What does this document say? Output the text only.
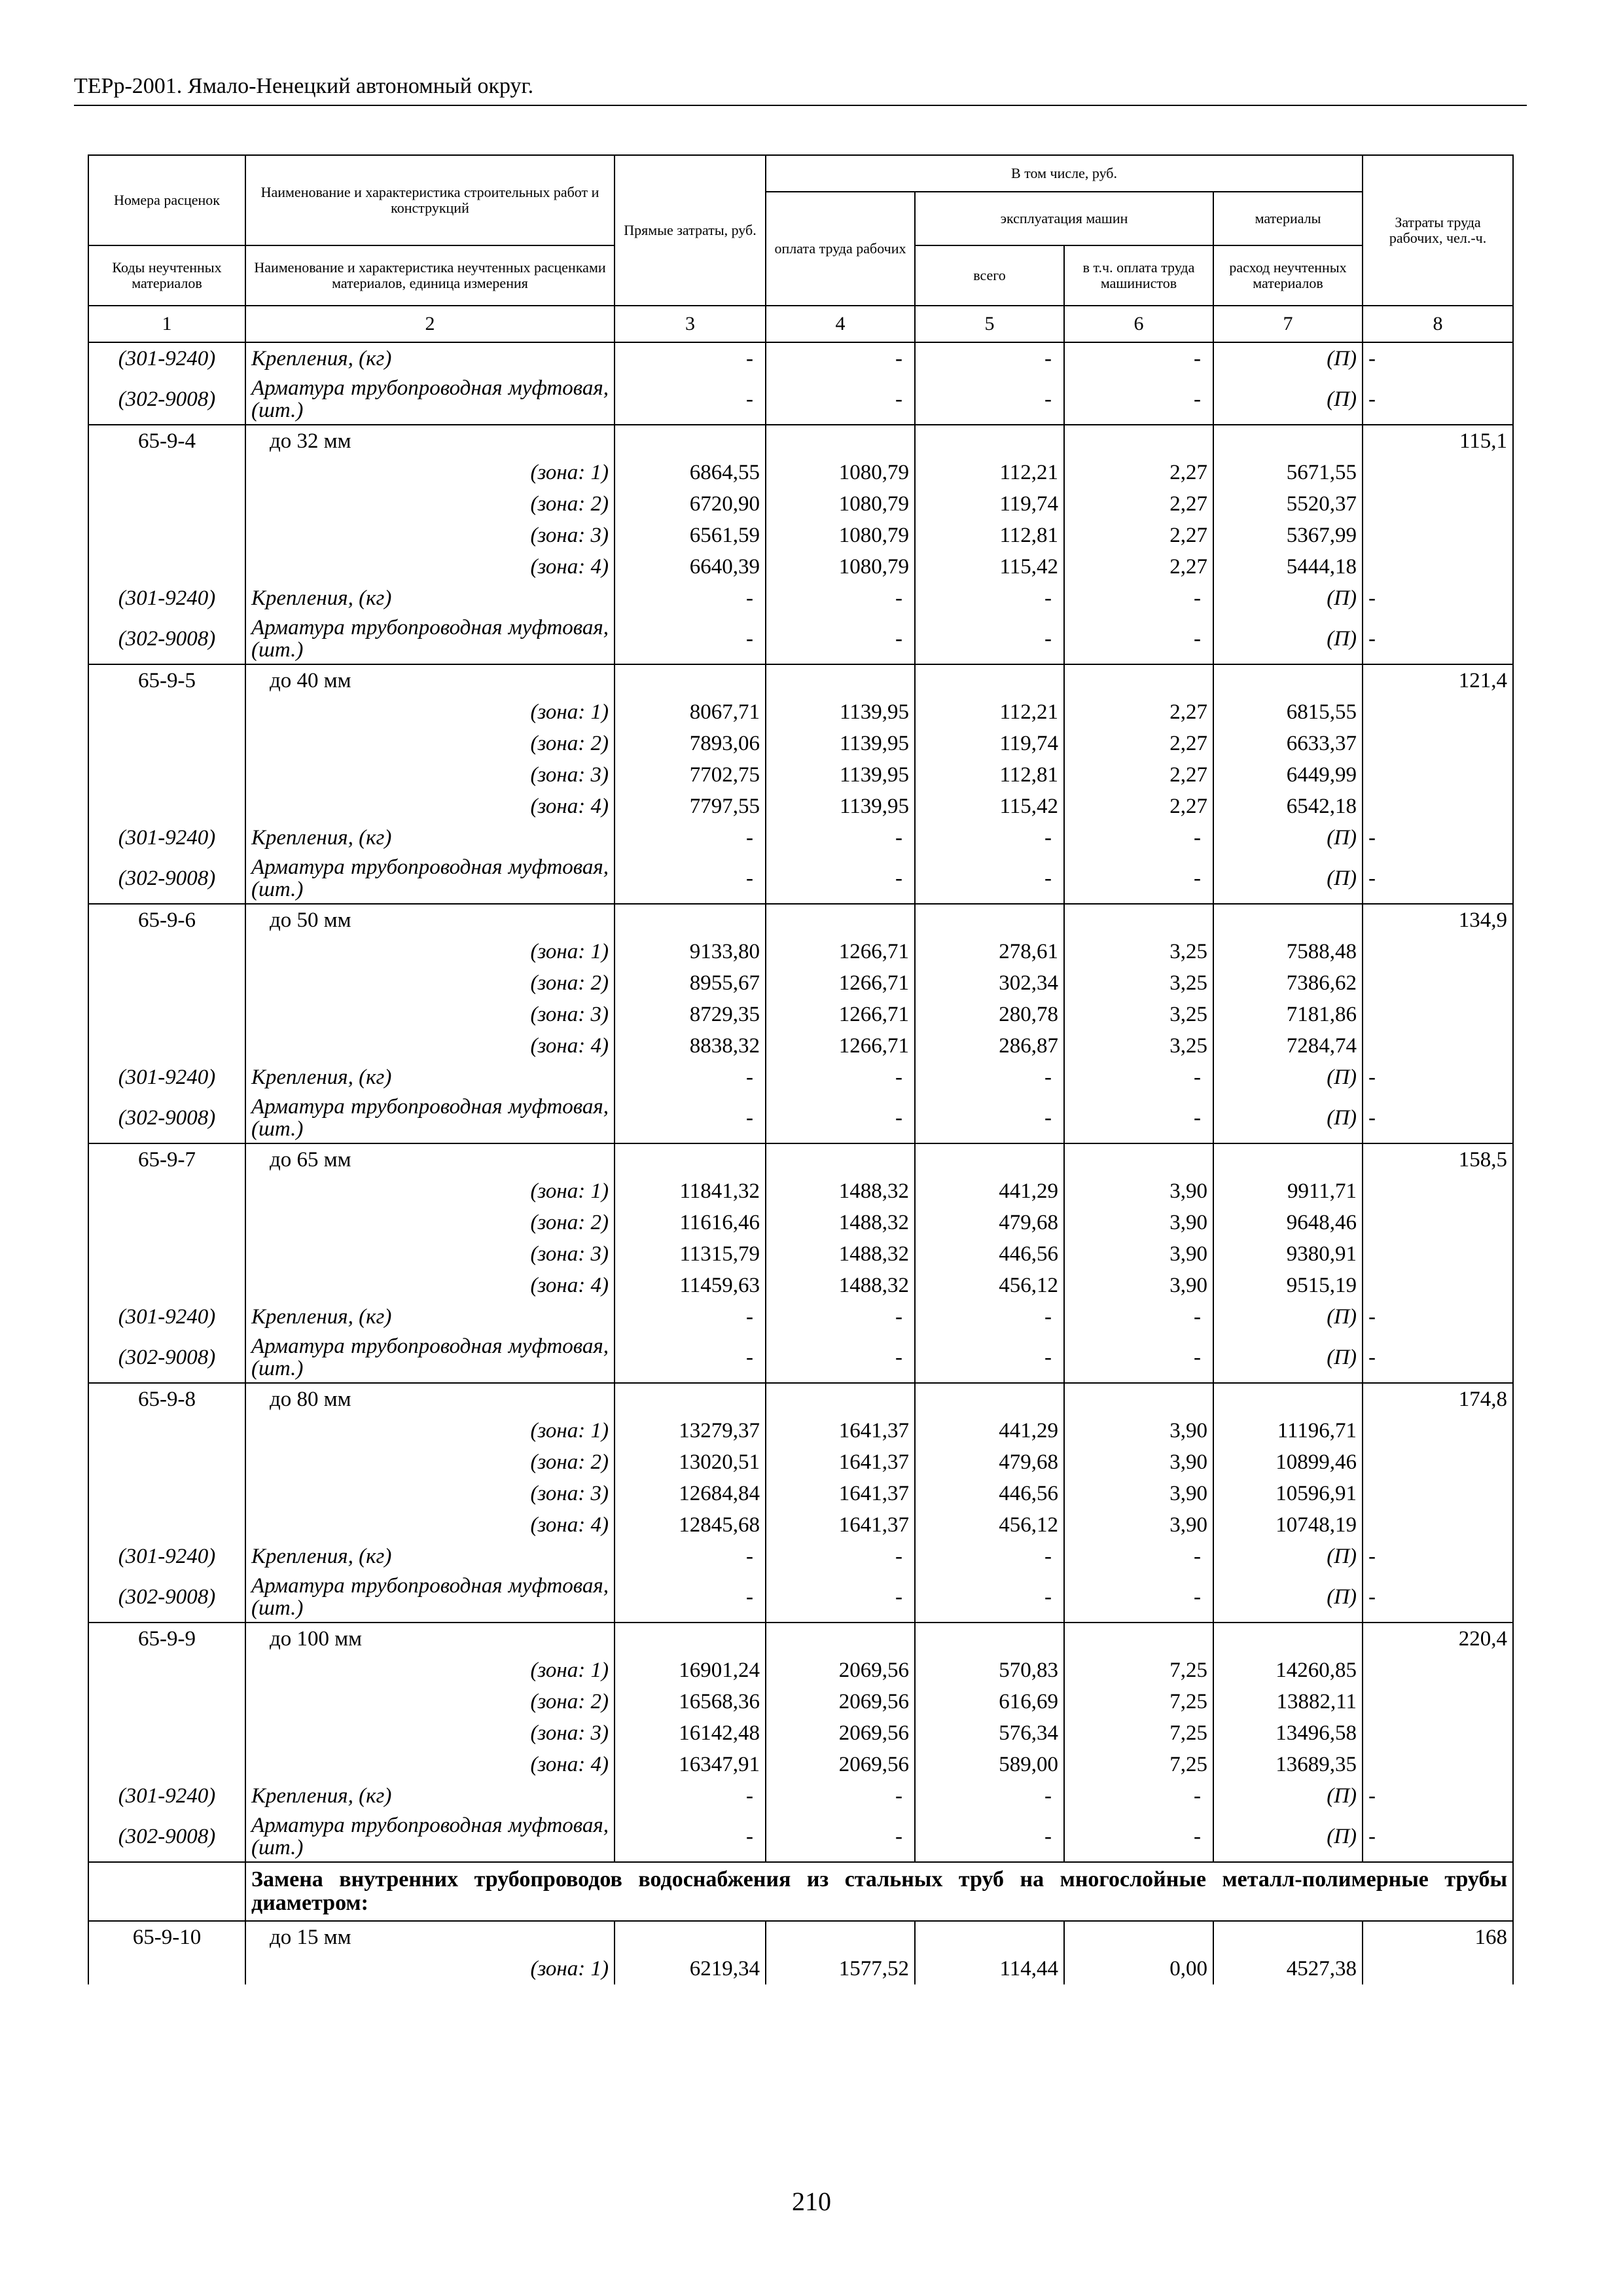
ТЕРр-2001. Ямало-Ненецкий автономный округ.
Номера расценок	Наименование и характеристика строительных работ и конструкций	Прямые затраты, руб.	В том числе, руб.				Затраты труда рабочих, чел.-ч.
			оплата труда рабочих	эксплуатация машин		материалы	
Коды неучтенных материалов	Наименование и характеристика неучтенных расценками материалов, единица измерения			всего	в т.ч. оплата труда машинистов	расход неучтенных материалов	
1	2	3	4	5	6	7	8
(301-9240)	Крепления, (кг)	-	-	-	-	(П)	-
(302-9008)	Арматура трубопроводная муфтовая, (шт.)	-	-	-	-	(П)	-
65-9-4	до 32 мм						115,1
	(зона: 1)	6864,55	1080,79	112,21	2,27	5671,55	
	(зона: 2)	6720,90	1080,79	119,74	2,27	5520,37	
	(зона: 3)	6561,59	1080,79	112,81	2,27	5367,99	
	(зона: 4)	6640,39	1080,79	115,42	2,27	5444,18	
(301-9240)	Крепления, (кг)	-	-	-	-	(П)	-
(302-9008)	Арматура трубопроводная муфтовая, (шт.)	-	-	-	-	(П)	-
65-9-5	до 40 мм						121,4
	(зона: 1)	8067,71	1139,95	112,21	2,27	6815,55	
	(зона: 2)	7893,06	1139,95	119,74	2,27	6633,37	
	(зона: 3)	7702,75	1139,95	112,81	2,27	6449,99	
	(зона: 4)	7797,55	1139,95	115,42	2,27	6542,18	
(301-9240)	Крепления, (кг)	-	-	-	-	(П)	-
(302-9008)	Арматура трубопроводная муфтовая, (шт.)	-	-	-	-	(П)	-
65-9-6	до 50 мм						134,9
	(зона: 1)	9133,80	1266,71	278,61	3,25	7588,48	
	(зона: 2)	8955,67	1266,71	302,34	3,25	7386,62	
	(зона: 3)	8729,35	1266,71	280,78	3,25	7181,86	
	(зона: 4)	8838,32	1266,71	286,87	3,25	7284,74	
(301-9240)	Крепления, (кг)	-	-	-	-	(П)	-
(302-9008)	Арматура трубопроводная муфтовая, (шт.)	-	-	-	-	(П)	-
65-9-7	до 65 мм						158,5
	(зона: 1)	11841,32	1488,32	441,29	3,90	9911,71	
	(зона: 2)	11616,46	1488,32	479,68	3,90	9648,46	
	(зона: 3)	11315,79	1488,32	446,56	3,90	9380,91	
	(зона: 4)	11459,63	1488,32	456,12	3,90	9515,19	
(301-9240)	Крепления, (кг)	-	-	-	-	(П)	-
(302-9008)	Арматура трубопроводная муфтовая, (шт.)	-	-	-	-	(П)	-
65-9-8	до 80 мм						174,8
	(зона: 1)	13279,37	1641,37	441,29	3,90	11196,71	
	(зона: 2)	13020,51	1641,37	479,68	3,90	10899,46	
	(зона: 3)	12684,84	1641,37	446,56	3,90	10596,91	
	(зона: 4)	12845,68	1641,37	456,12	3,90	10748,19	
(301-9240)	Крепления, (кг)	-	-	-	-	(П)	-
(302-9008)	Арматура трубопроводная муфтовая, (шт.)	-	-	-	-	(П)	-
65-9-9	до 100 мм						220,4
	(зона: 1)	16901,24	2069,56	570,83	7,25	14260,85	
	(зона: 2)	16568,36	2069,56	616,69	7,25	13882,11	
	(зона: 3)	16142,48	2069,56	576,34	7,25	13496,58	
	(зона: 4)	16347,91	2069,56	589,00	7,25	13689,35	
(301-9240)	Крепления, (кг)	-	-	-	-	(П)	-
(302-9008)	Арматура трубопроводная муфтовая, (шт.)	-	-	-	-	(П)	-
	Замена внутренних трубопроводов водоснабжения из стальных труб на многослойные металл-полимерные трубы диаметром:						
65-9-10	до 15 мм						168
	(зона: 1)	6219,34	1577,52	114,44	0,00	4527,38	
210
